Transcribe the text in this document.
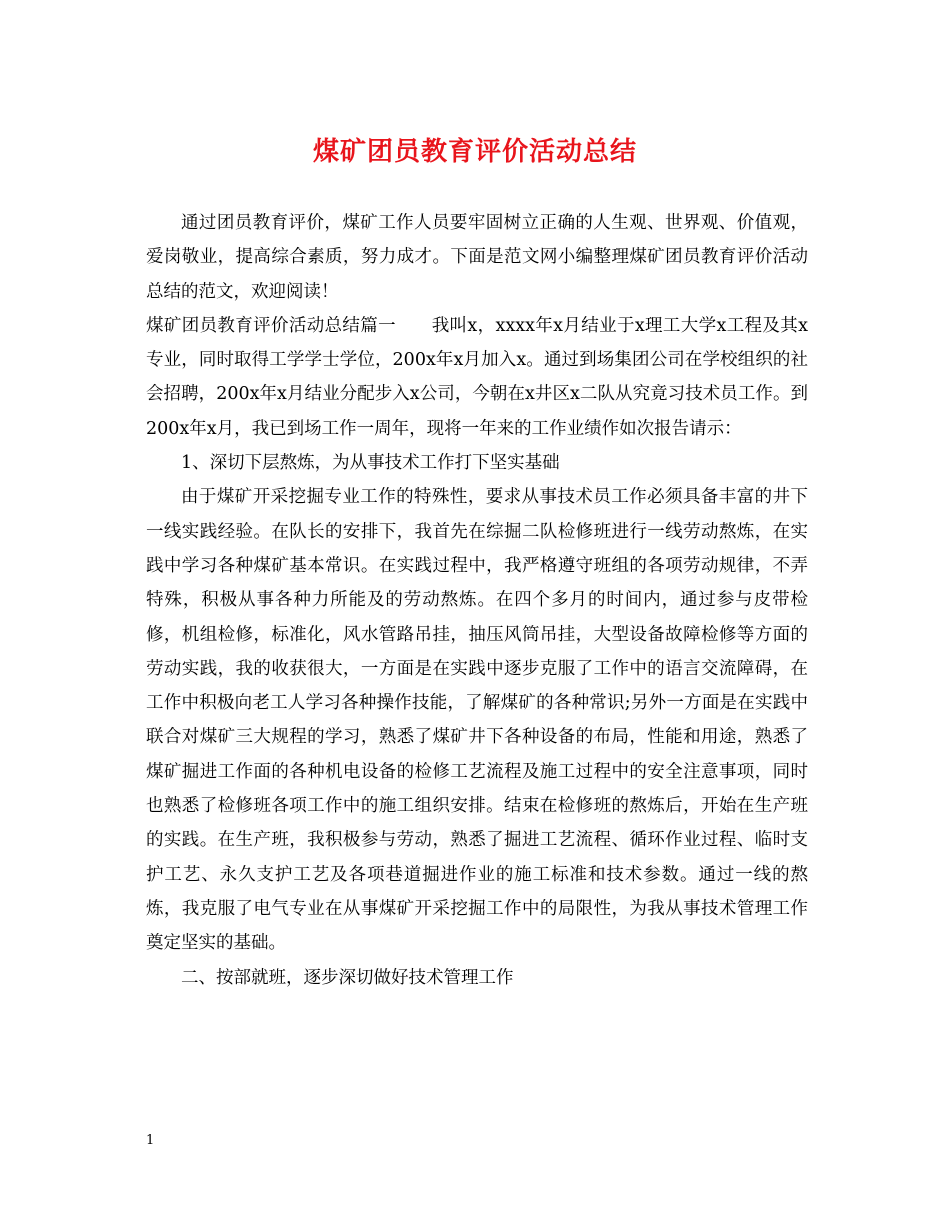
煤矿团员教育评价活动总结

通过团员教育评价，煤矿工作人员要牢固树立正确的人生观、世界观、价值观，爱岗敬业，提高综合素质，努力成才。下面是范文网小编整理煤矿团员教育评价活动总结的范文，欢迎阅读！

煤矿团员教育评价活动总结篇一　　我叫x，xxxx年x月结业于x理工大学x工程及其x专业，同时取得工学学士学位，200x年x月加入x。通过到场集团公司在学校组织的社会招聘，200x年x月结业分配步入x公司，今朝在x井区x二队从究竟习技术员工作。到200x年x月，我已到场工作一周年，现将一年来的工作业绩作如次报告请示：

1、深切下层熬炼，为从事技术工作打下坚实基础

由于煤矿开采挖掘专业工作的特殊性，要求从事技术员工作必须具备丰富的井下一线实践经验。在队长的安排下，我首先在综掘二队检修班进行一线劳动熬炼，在实践中学习各种煤矿基本常识。在实践过程中，我严格遵守班组的各项劳动规律，不弄特殊，积极从事各种力所能及的劳动熬炼。在四个多月的时间内，通过参与皮带检修，机组检修，标准化，风水管路吊挂，抽压风筒吊挂，大型设备故障检修等方面的劳动实践，我的收获很大，一方面是在实践中逐步克服了工作中的语言交流障碍，在工作中积极向老工人学习各种操作技能，了解煤矿的各种常识;另外一方面是在实践中联合对煤矿三大规程的学习，熟悉了煤矿井下各种设备的布局，性能和用途，熟悉了煤矿掘进工作面的各种机电设备的检修工艺流程及施工过程中的安全注意事项，同时也熟悉了检修班各项工作中的施工组织安排。结束在检修班的熬炼后，开始在生产班的实践。在生产班，我积极参与劳动，熟悉了掘进工艺流程、循环作业过程、临时支护工艺、永久支护工艺及各项巷道掘进作业的施工标准和技术参数。通过一线的熬炼，我克服了电气专业在从事煤矿开采挖掘工作中的局限性，为我从事技术管理工作奠定坚实的基础。

二、按部就班，逐步深切做好技术管理工作

1
